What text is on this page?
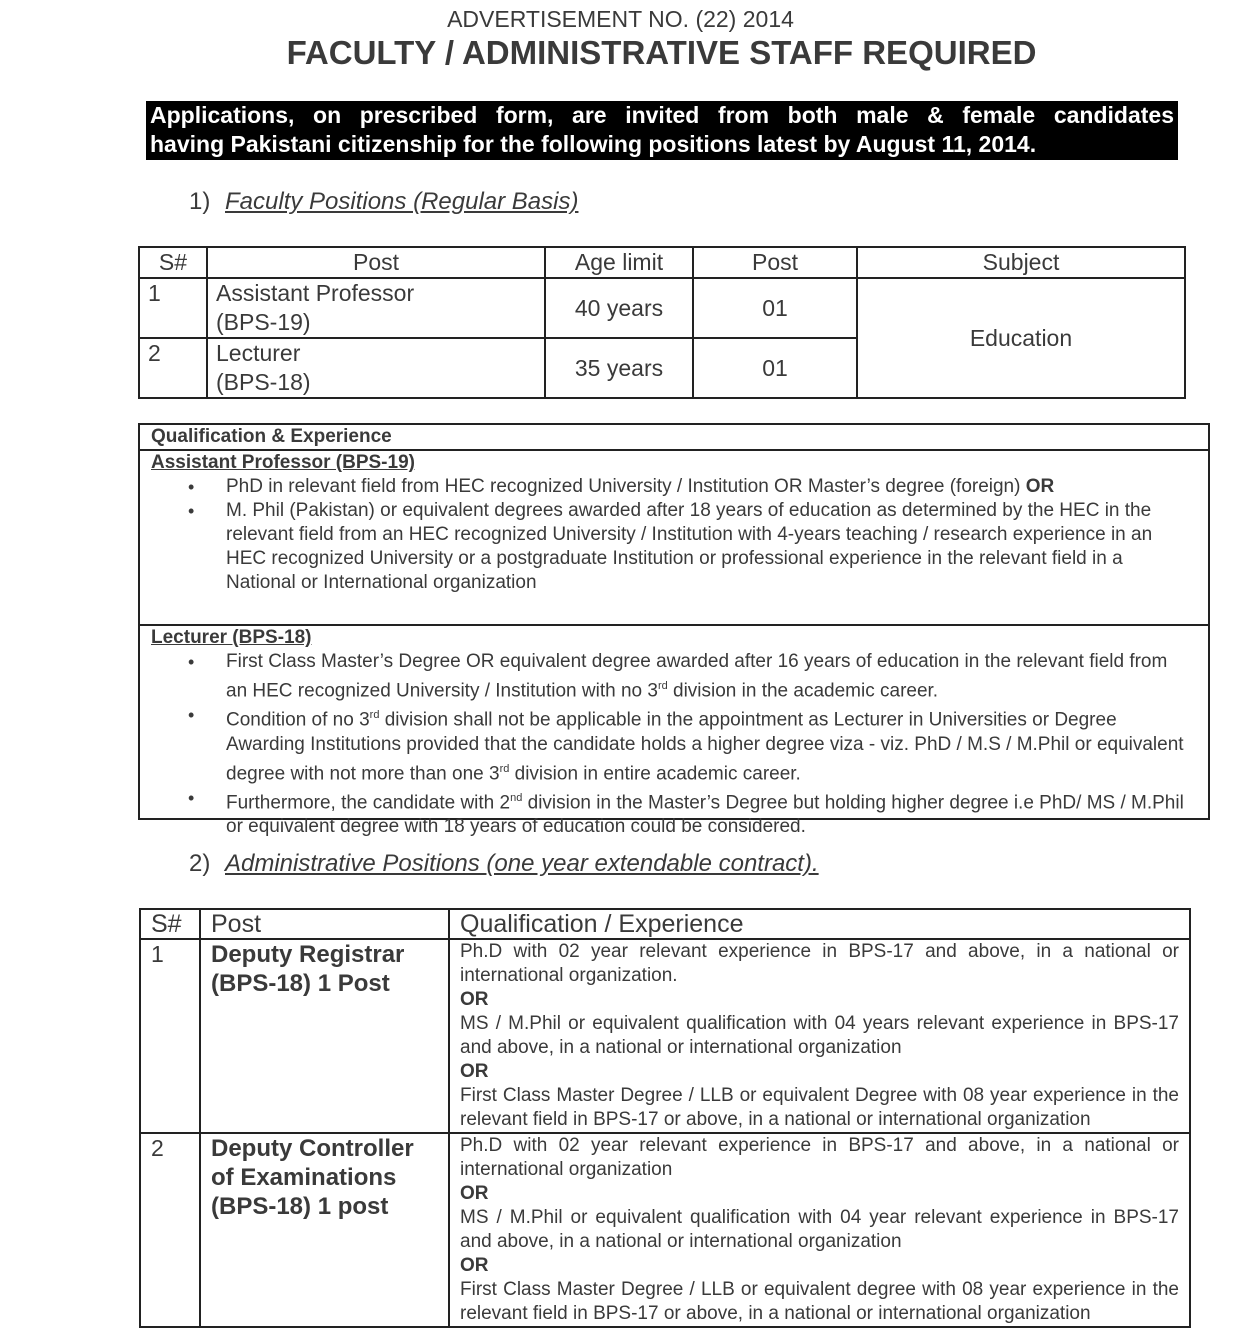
ADVERTISEMENT NO. (22) 2014
FACULTY / ADMINISTRATIVE STAFF REQUIRED
Applications, on prescribed form, are invited from both male & female candidates
having Pakistani citizenship for the following positions latest by August 11, 2014.
1) Faculty Positions (Regular Basis)
S#	Post	Age limit	Post	Subject
1	Assistant Professor
(BPS-19)	40 years	01	Education
2	Lecturer
(BPS-18)	35 years	01	
Qualification & Experience
Assistant Professor (BPS-19)
• PhD in relevant field from HEC recognized University / Institution OR Master’s degree (foreign) OR
• M. Phil (Pakistan) or equivalent degrees awarded after 18 years of education as determined by the HEC in the relevant field from an HEC recognized University / Institution with 4-years teaching / research experience in an HEC recognized University or a postgraduate Institution or professional experience in the relevant field in a National or International organization
Lecturer (BPS-18)
• First Class Master’s Degree OR equivalent degree awarded after 16 years of education in the relevant field from an HEC recognized University / Institution with no 3rd division in the academic career.
• Condition of no 3rd division shall not be applicable in the appointment as Lecturer in Universities or Degree Awarding Institutions provided that the candidate holds a higher degree viza - viz. PhD / M.S / M.Phil or equivalent degree with not more than one 3rd division in entire academic career.
• Furthermore, the candidate with 2nd division in the Master’s Degree but holding higher degree i.e PhD/ MS / M.Phil or equivalent degree with 18 years of education could be considered.
2) Administrative Positions (one year extendable contract).
S#	Post	Qualification / Experience
1	Deputy Registrar (BPS-18) 1 Post	Ph.D with 02 year relevant experience in BPS-17 and above, in a national or international organization.
OR
MS / M.Phil or equivalent qualification with 04 years relevant experience in BPS-17 and above, in a national or international organization
OR
First Class Master Degree / LLB or equivalent Degree with 08 year experience in the relevant field in BPS-17 or above, in a national or international organization

2	Deputy Controller of Examinations (BPS-18) 1 post	Ph.D with 02 year relevant experience in BPS-17 and above, in a national or international organization
OR
MS / M.Phil or equivalent qualification with 04 year relevant experience in BPS-17 and above, in a national or international organization
OR
First Class Master Degree / LLB or equivalent degree with 08 year experience in the relevant field in BPS-17 or above, in a national or international organization
